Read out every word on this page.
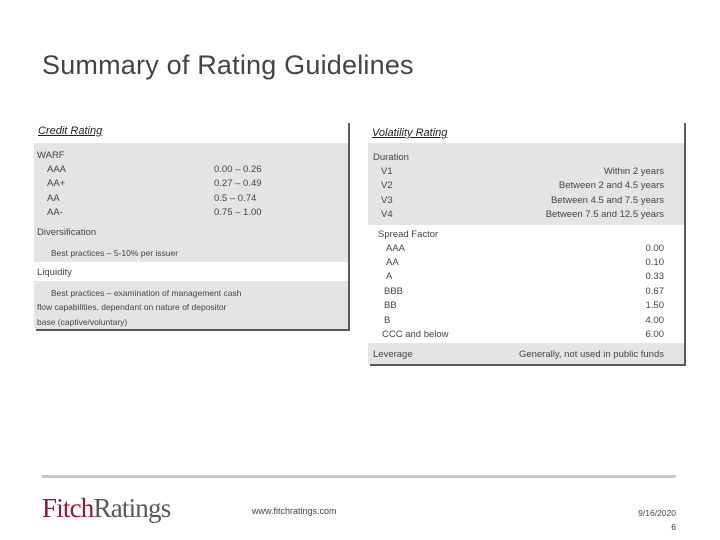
Summary of Rating Guidelines
Credit Rating
WARF
AAA	0.00 – 0.26
AA+	0.27 – 0.49
AA	0.5 – 0.74
AA-	0.75 – 1.00
Diversification
Best practices – 5-10% per issuer
Liquidity
Best practices – examination of management cash
flow capabilities, dependant on nature of depositor
base (captive/voluntary)
Volatility Rating
Duration
V1	Within 2 years
V2	Between 2 and 4.5 years
V3	Between 4.5 and 7.5 years
V4	Between 7.5 and 12.5 years
Spread Factor
AAA	0.00
AA	0.10
A	0.33
BBB	0.67
BB	1.50
B	4.00
CCC and below	6.00
Leverage	Generally, not used in public funds
FitchRatings	www.fitchratings.com	9/16/2020
6
